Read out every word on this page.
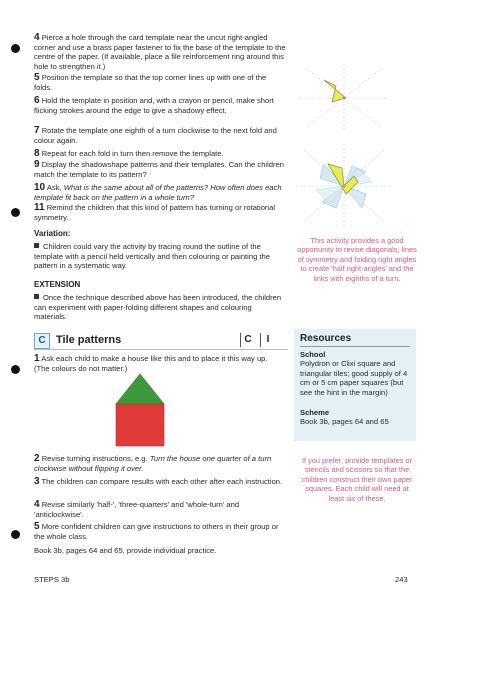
4 Pierce a hole through the card template near the uncut right-angled corner and use a brass paper fastener to fix the base of the template to the centre of the paper. (If available, place a file reinforcement ring around this hole to strengthen it.)
5 Position the template so that the top corner lines up with one of the folds.
6 Hold the template in position and, with a crayon or pencil, make short flicking strokes around the edge to give a shadowy effect.
7 Rotate the template one eighth of a turn clockwise to the next fold and colour again.
8 Repeat for each fold in turn then remove the template.
9 Display the shadowshape patterns and their templates. Can the children match the template to its pattern?
10 Ask, What is the same about all of the patterns? How often does each template fit back on the pattern in a whole turn?
11 Remind the children that this kind of pattern has turning or rotational symmetry.
Variation:
Children could vary the activity by tracing round the outline of the template with a pencil held vertically and then colouring or painting the pattern in a systematic way.
EXTENSION
Once the technique described above has been introduced, the children can experiment with paper-folding different shapes and colouring materials.
This activity provides a good opportunity to revise diagonals, lines of symmetry and folding right angles to create 'half right-angles' and the links with eighths of a turn.
C Tile patterns	C	I	Resources
School
Polydron or Clixi square and triangular tiles; good supply of 4 cm or 5 cm paper squares (but see the hint in the margin)
Scheme
Book 3b, pages 64 and 65
1 Ask each child to make a house like this and to place it this way up. (The colours do not matter.)
2 Revise turning instructions, e.g. Turn the house one quarter of a turn clockwise without flipping it over.
3 The children can compare results with each other after each instruction.
4 Revise similarly 'half-', 'three-quarters' and 'whole-turn' and 'anticlockwise'.
5 More confident children can give instructions to others in their group or the whole class.
Book 3b, pages 64 and 65, provide individual practice.
If you prefer, provide templates or stencils and scissors so that the children construct their own paper squares. Each child will need at least six of these.
STEPS 3b	243
